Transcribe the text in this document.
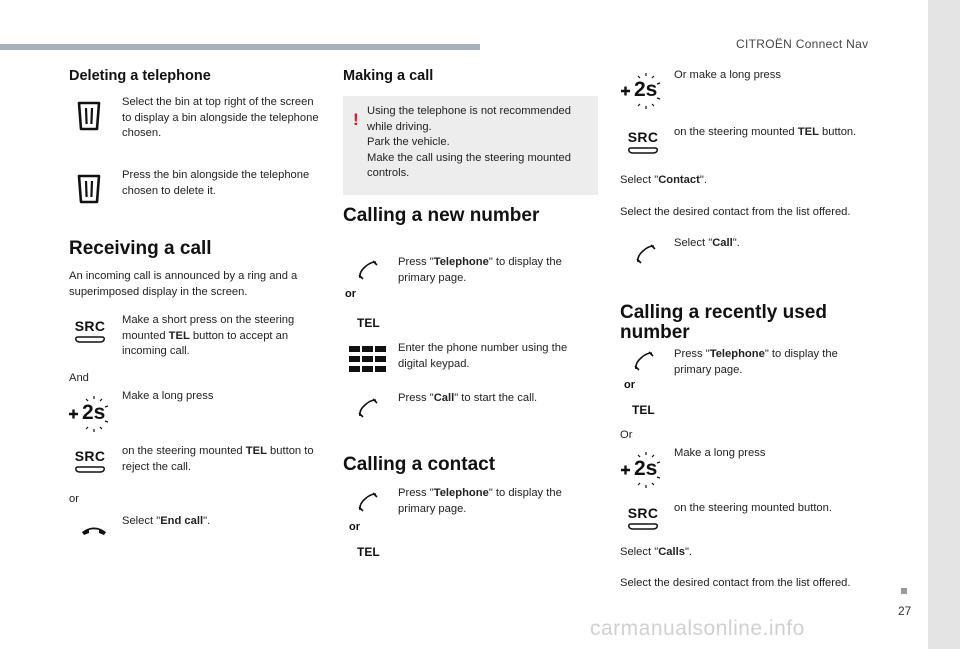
CITROËN Connect Nav
27
carmanualsonline.info
Deleting a telephone
Select the bin at top right of the screen to display a bin alongside the telephone chosen.
Press the bin alongside the telephone chosen to delete it.
Receiving a call
An incoming call is announced by a ring and a superimposed display in the screen.
SRC Make a short press on the steering mounted TEL button to accept an incoming call.
And
2s
Make a long press
SRC on the steering mounted TEL button to reject the call.
or
Select "End call".
Making a call
! Using the telephone is not recommended while driving.
Park the vehicle.
Make the call using the steering mounted controls.
Calling a new number
or
TEL
Press "Telephone" to display the primary page.
Enter the phone number using the digital keypad.
Press "Call" to start the call.
Calling a contact
or
TEL
Press "Telephone" to display the primary page.
2s
Or make a long press
SRC on the steering mounted TEL button.
Select "Contact".
Select the desired contact from the list offered.
Select "Call".
Calling a recently used number
or
TEL
Press "Telephone" to display the primary page.
Or
2s
Make a long press
SRC on the steering mounted button.
Select "Calls".
Select the desired contact from the list offered.
